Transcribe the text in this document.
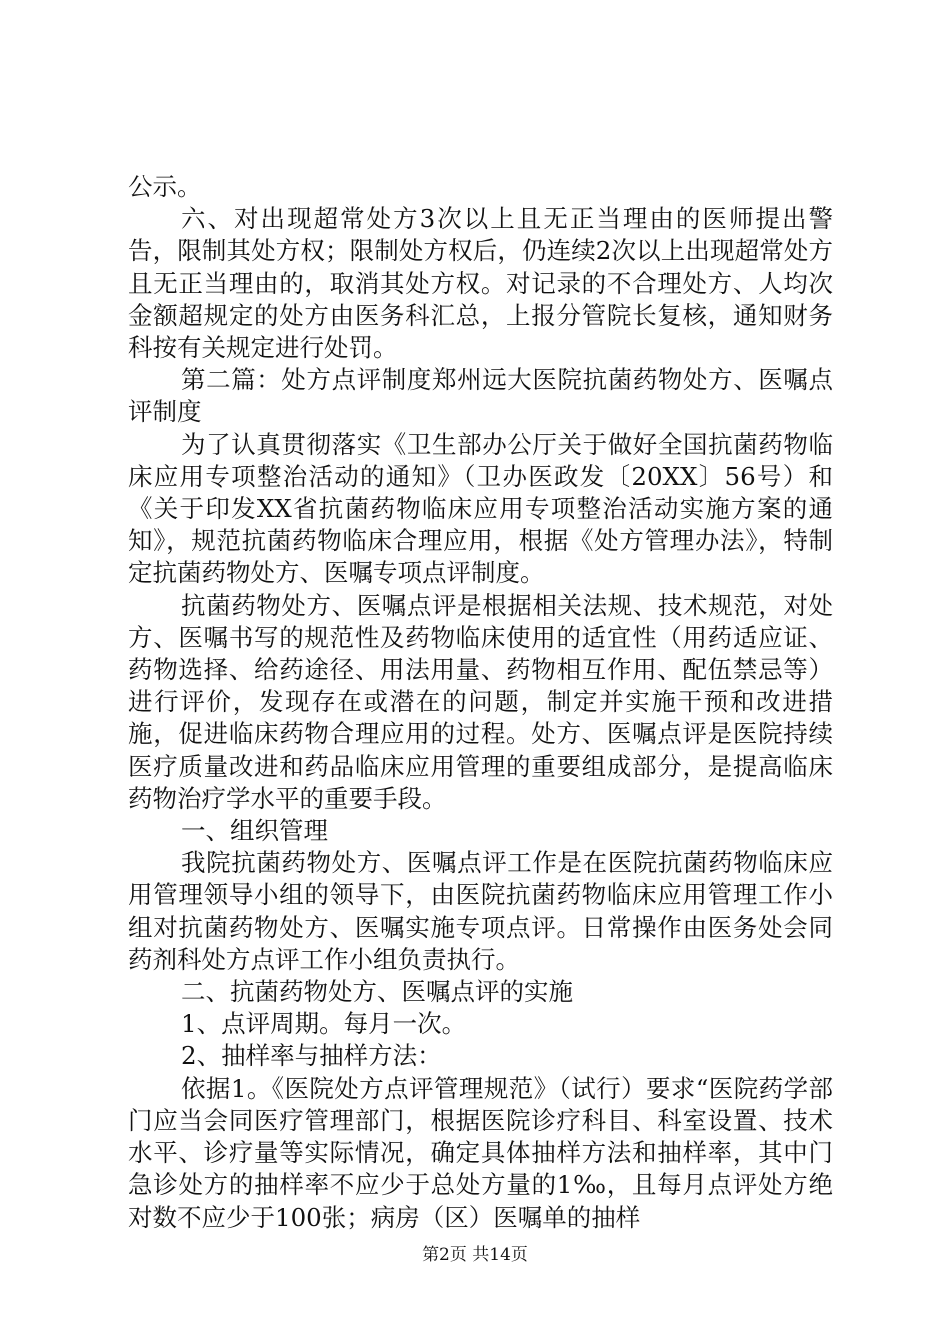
公示。

六、对出现超常处方3次以上且无正当理由的医师提出警告，限制其处方权；限制处方权后，仍连续2次以上出现超常处方且无正当理由的，取消其处方权。对记录的不合理处方、人均次金额超规定的处方由医务科汇总，上报分管院长复核，通知财务科按有关规定进行处罚。

第二篇：处方点评制度郑州远大医院抗菌药物处方、医嘱点评制度

为了认真贯彻落实《卫生部办公厅关于做好全国抗菌药物临床应用专项整治活动的通知》（卫办医政发〔20XX〕56号）和《关于印发XX省抗菌药物临床应用专项整治活动实施方案的通知》，规范抗菌药物临床合理应用，根据《处方管理办法》，特制定抗菌药物处方、医嘱专项点评制度。

抗菌药物处方、医嘱点评是根据相关法规、技术规范，对处方、医嘱书写的规范性及药物临床使用的适宜性（用药适应证、药物选择、给药途径、用法用量、药物相互作用、配伍禁忌等）进行评价，发现存在或潜在的问题，制定并实施干预和改进措施，促进临床药物合理应用的过程。处方、医嘱点评是医院持续医疗质量改进和药品临床应用管理的重要组成部分，是提高临床药物治疗学水平的重要手段。

一、组织管理

我院抗菌药物处方、医嘱点评工作是在医院抗菌药物临床应用管理领导小组的领导下，由医院抗菌药物临床应用管理工作小组对抗菌药物处方、医嘱实施专项点评。日常操作由医务处会同药剂科处方点评工作小组负责执行。

二、抗菌药物处方、医嘱点评的实施

1、点评周期。每月一次。

2、抽样率与抽样方法：

依据1。《医院处方点评管理规范》（试行）要求“医院药学部门应当会同医疗管理部门，根据医院诊疗科目、科室设置、技术水平、诊疗量等实际情况，确定具体抽样方法和抽样率，其中门急诊处方的抽样率不应少于总处方量的1‰，且每月点评处方绝对数不应少于100张；病房（区）医嘱单的抽样

第2页 共14页
